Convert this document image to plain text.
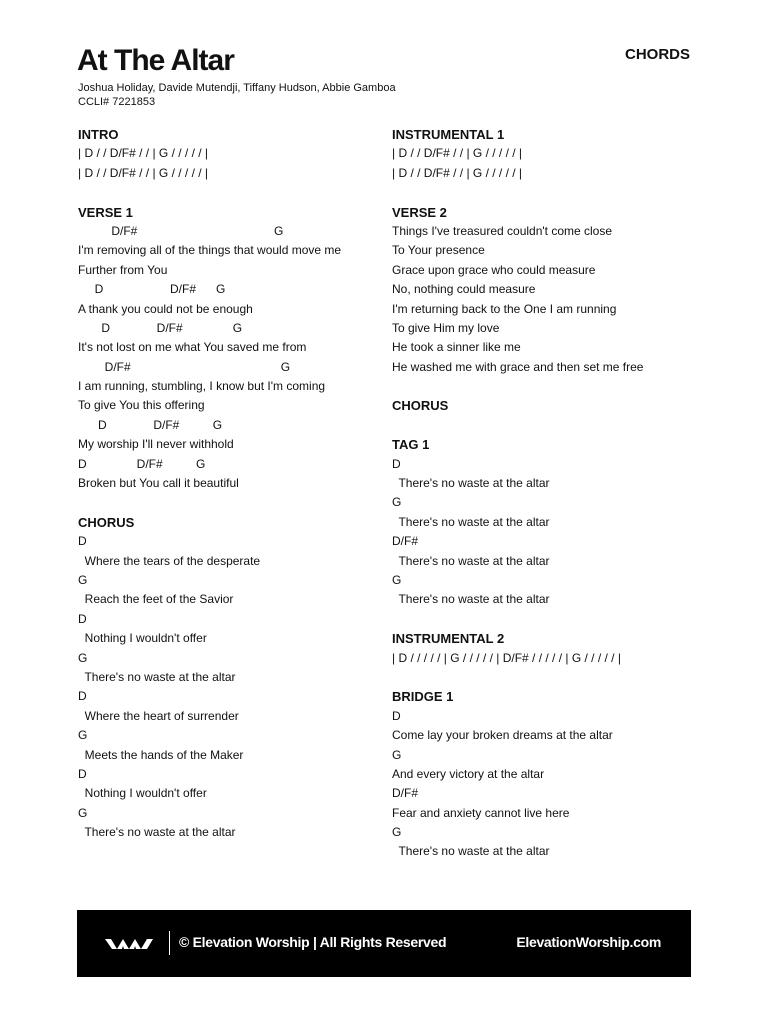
At The Altar	CHORDS
Joshua Holiday, Davide Mutendji, Tiffany Hudson, Abbie Gamboa
CCLI# 7221853
INTRO
| D / / D/F# / / | G / / / / / |
| D / / D/F# / / | G / / / / / |
VERSE 1
D/F#                                         G
I'm removing all of the things that would move me
Further from You
D                    D/F#      G
A thank you could not be enough
D              D/F#               G
It's not lost on me what You saved me from
D/F#                                             G
I am running, stumbling, I know but I'm coming
To give You this offering
D              D/F#          G
My worship I'll never withhold
D               D/F#          G
Broken but You call it beautiful
CHORUS
D
Where the tears of the desperate
G
Reach the feet of the Savior
D
Nothing I wouldn't offer
G
There's no waste at the altar
D
Where the heart of surrender
G
Meets the hands of the Maker
D
Nothing I wouldn't offer
G
There's no waste at the altar
INSTRUMENTAL 1
| D / / D/F# / / | G / / / / / |
| D / / D/F# / / | G / / / / / |
VERSE 2
Things I've treasured couldn't come close
To Your presence
Grace upon grace who could measure
No, nothing could measure
I'm returning back to the One I am running
To give Him my love
He took a sinner like me
He washed me with grace and then set me free
CHORUS
TAG 1
D
There's no waste at the altar
G
There's no waste at the altar
D/F#
There's no waste at the altar
G
There's no waste at the altar
INSTRUMENTAL 2
| D / / / / / | G / / / / / | D/F# / / / / / | G / / / / / |
BRIDGE 1
D
Come lay your broken dreams at the altar
G
And every victory at the altar
D/F#
Fear and anxiety cannot live here
G
There's no waste at the altar
© Elevation Worship | All Rights Reserved	ElevationWorship.com
